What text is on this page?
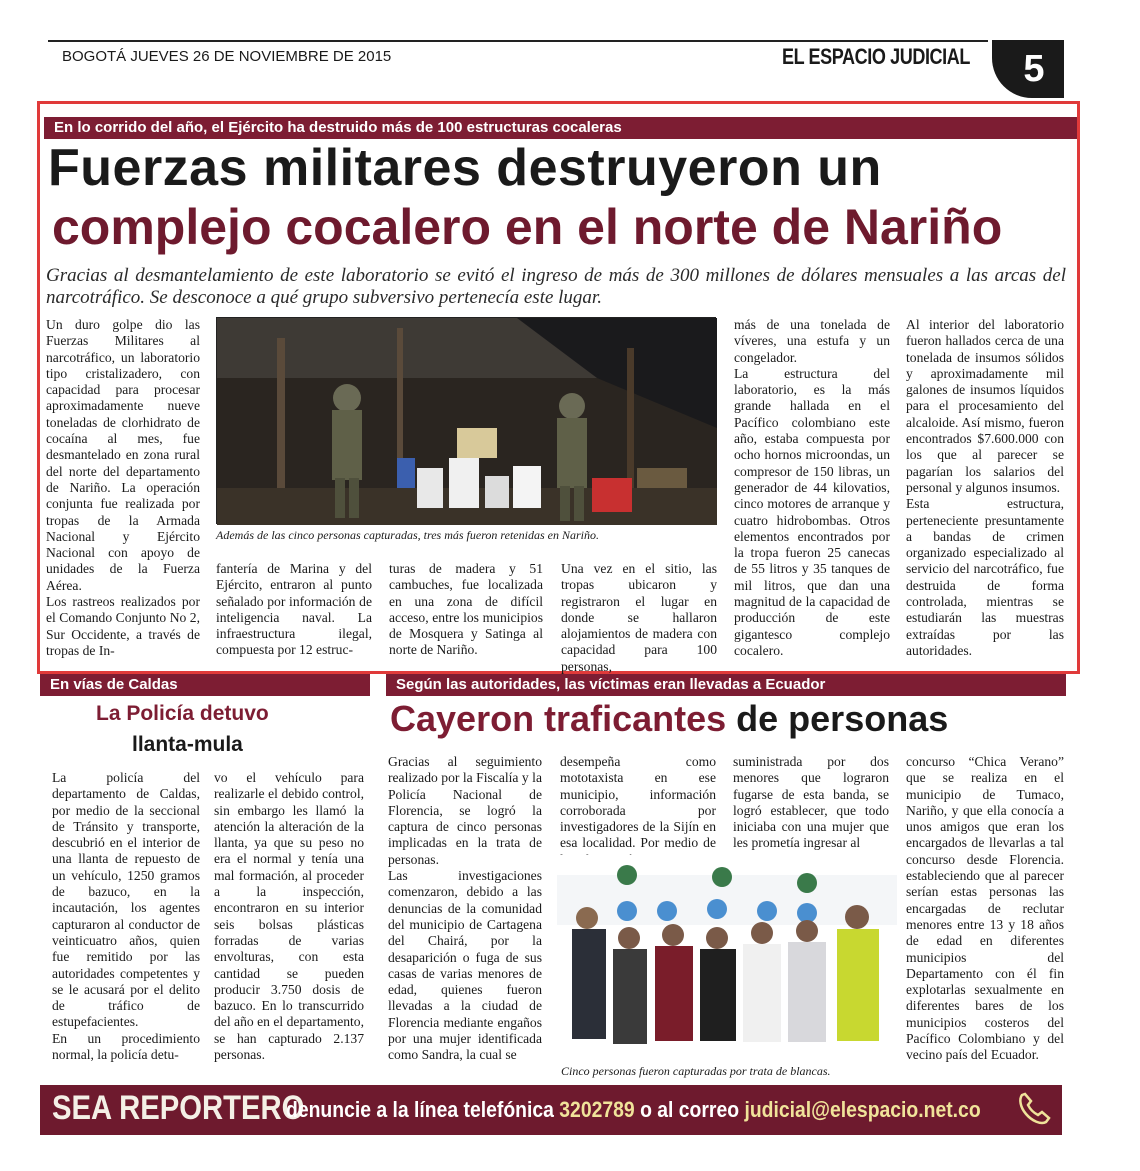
BOGOTÁ JUEVES 26 DE NOVIEMBRE DE 2015	EL ESPACIO JUDICIAL	5
En lo corrido del año, el Ejército ha destruido más de 100 estructuras cocaleras
Fuerzas militares destruyeron un
complejo cocalero en el norte de Nariño
Gracias al desmantelamiento de este laboratorio se evitó el ingreso de más de 300 millones de dólares mensuales a las arcas del narcotráfico. Se desconoce a qué grupo subversivo pertenecía este lugar.
Un duro golpe dio las Fuerzas Militares al narcotráfico, un laboratorio tipo cristalizadero, con capacidad para procesar aproximadamente nueve toneladas de clorhidrato de cocaína al mes, fue desmantelado en zona rural del norte del departamento de Nariño. La operación conjunta fue realizada por tropas de la Armada Nacional y Ejército Nacional con apoyo de unidades de la Fuerza Aérea.
Los rastreos realizados por el Comando Conjunto No 2, Sur Occidente, a través de tropas de In-
Además de las cinco personas capturadas, tres más fueron retenidas en Nariño.
fantería de Marina y del Ejército, entraron al punto señalado por información de inteligencia naval. La infraestructura ilegal, compuesta por 12 estruc-
turas de madera y 51 cambuches, fue localizada en una zona de difícil acceso, entre los municipios de Mosquera y Satinga al norte de Nariño.
Una vez en el sitio, las tropas ubicaron y registraron el lugar en donde se hallaron alojamientos de madera con capacidad para 100 personas,
más de una tonelada de víveres, una estufa y un congelador.
La estructura del laboratorio, es la más grande hallada en el Pacífico colombiano este año, estaba compuesta por ocho hornos microondas, un compresor de 150 libras, un generador de 44 kilovatios, cinco motores de arranque y cuatro hidrobombas. Otros elementos encontrados por la tropa fueron 25 canecas de 55 litros y 35 tanques de mil litros, que dan una magnitud de la capacidad de producción de este gigantesco complejo cocalero.
Al interior del laboratorio fueron hallados cerca de una tonelada de insumos sólidos y aproximadamente mil galones de insumos líquidos para el procesamiento del alcaloide. Así mismo, fueron encontrados $7.600.000 con los que al parecer se pagarían los salarios del personal y algunos insumos.
Esta estructura, perteneciente presuntamente a bandas de crimen organizado especializado al servicio del narcotráfico, fue destruida de forma controlada, mientras se estudiarán las muestras extraídas por las autoridades.
En vías de Caldas
La Policía detuvo
llanta-mula
La policía del departamento de Caldas, por medio de la seccional de Tránsito y transporte, descubrió en el interior de una llanta de repuesto de un vehículo, 1250 gramos de bazuco, en la incautación, los agentes capturaron al conductor de veinticuatro años, quien fue remitido por las autoridades competentes y se le acusará por el delito de tráfico de estupefacientes.
En un procedimiento normal, la policía detu-
vo el vehículo para realizarle el debido control, sin embargo les llamó la atención la alteración de la llanta, ya que su peso no era el normal y tenía una mal formación, al proceder a la inspección, encontraron en su interior seis bolsas plásticas forradas de varias envolturas, con esta cantidad se pueden producir 3.750 dosis de bazuco. En lo transcurrido del año en el departamento, se han capturado 2.137 personas.
Según las autoridades, las víctimas eran llevadas a Ecuador
Cayeron traficantes de personas
Gracias al seguimiento realizado por la Fiscalía y la Policía Nacional de Florencia, se logró la captura de cinco personas implicadas en la trata de personas.
Las investigaciones comenzaron, debido a las denuncias de la comunidad del municipio de Cartagena del Chairá, por la desaparición o fuga de sus casas de varias menores de edad, quienes fueron llevadas a la ciudad de Florencia mediante engaños por una mujer identificada como Sandra, la cual se
desempeña como mototaxista en ese municipio, información corroborada por investigadores de la Sijín en esa localidad. Por medio de
suministrada por dos menores que lograron fugarse de esta banda, se logró establecer, que todo iniciaba con una mujer que les prometía ingresar al
concurso “Chica Verano” que se realiza en el municipio de Tumaco, Nariño, y que ella conocía a unos amigos que eran los encargados de llevarlas a tal concurso desde Florencia. estableciendo que al parecer serían estas personas las encargadas de reclutar menores entre 13 y 18 años de edad en diferentes municipios del Departamento con él fin explotarlas sexualmente en diferentes bares de los municipios costeros del Pacífico Colombiano y del vecino país del Ecuador.
Cinco personas fueron capturadas por trata de blancas.
SEA REPORTERO
denuncie a la línea telefónica 3202789 o al correo judicial@elespacio.net.co
